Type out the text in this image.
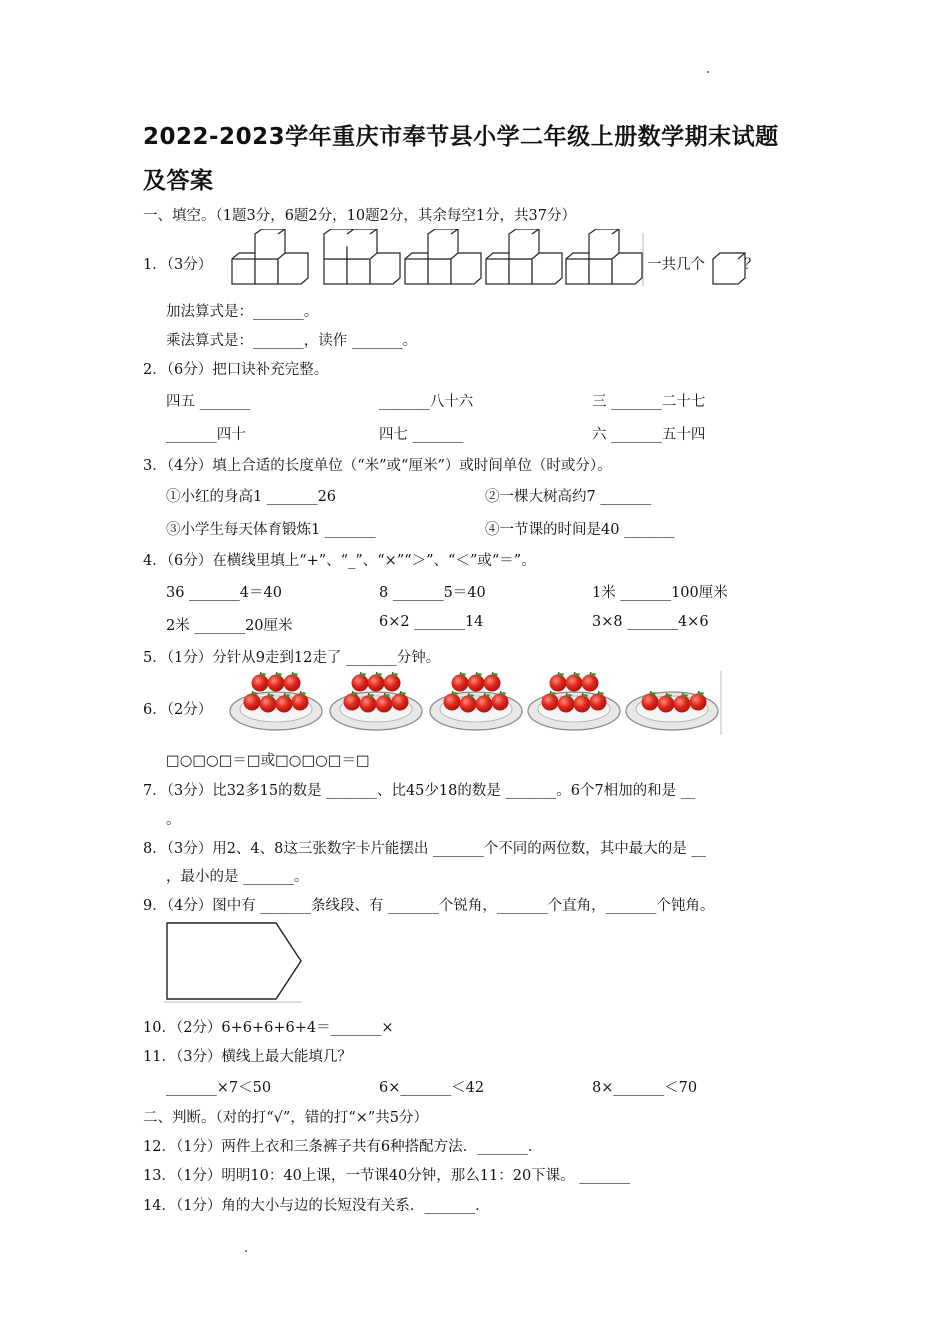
2022-2023学年重庆市奉节县小学二年级上册数学期末试题
及答案
一、填空。（1题3分，6题2分，10题2分，其余每空1分，共37分）
1．（3分）	一共几个	？
加法算式是：_______。
乘法算式是：_______，读作 _______。
2．（6分）把口诀补充完整。
四五 _______	_______八十六	三 _______二十七
_______四十	四七 _______	六 _______五十四
3．（4分）填上合适的长度单位（“米”或“厘米”）或时间单位（时或分）。
①小红的身高1 _______26	②一棵大树高约7 _______
③小学生每天体育锻炼1 _______	④一节课的时间是40 _______
4．（6分）在横线里填上“+”、“_”、“×”“＞”、“＜”或“＝”。
36 _______4＝40	8 _______5＝40	1米 _______100厘米
2米 _______20厘米	6×2 _______14	3×8 _______4×6
5．（1分）分针从9走到12走了 _______分钟。
6．（2分）
□○□○□＝□或□○□○□＝□
7．（3分）比32多15的数是 _______、比45少18的数是 _______。6个7相加的和是 __
。
8．（3分）用2、4、8这三张数字卡片能摆出 _______个不同的两位数，其中最大的是 __
，最小的是 _______。
9．（4分）图中有 _______条线段、有 _______个锐角，_______个直角，_______个钝角。
10．（2分）6+6+6+6+4＝_______×
11．（3分）横线上最大能填几？
_______×7＜50	6×_______＜42	8×_______＜70
二、判断。（对的打“√”，错的打“×”共5分）
12．（1分）两件上衣和三条裤子共有6种搭配方法．_______．
13．（1分）明明10：40上课，一节课40分钟，那么11：20下课。 _______
14．（1分）角的大小与边的长短没有关系．_______．
